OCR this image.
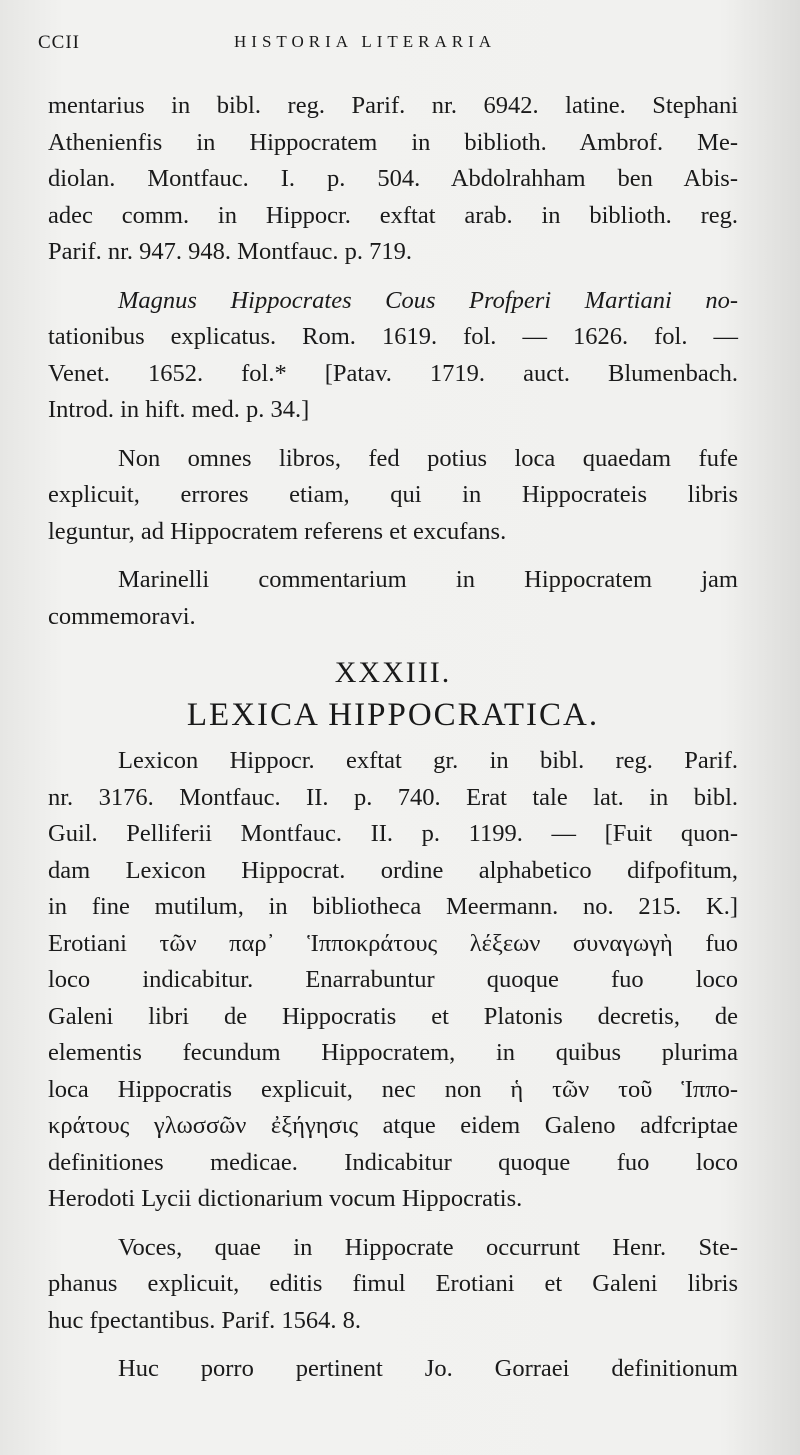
CCII	HISTORIA LITERARIA
mentarius in bibl. reg. Parif. nr. 6942. latine. Stephani
Athenienfis in Hippocratem in biblioth. Ambrof. Me-
diolan. Montfauc. I. p. 504. Abdolrahham ben Abis-
adec comm. in Hippocr. exftat arab. in biblioth. reg.
Parif. nr. 947. 948. Montfauc. p. 719.
Magnus Hippocrates Cous Profperi Martiani no-
tationibus explicatus. Rom. 1619. fol. — 1626. fol. —
Venet. 1652. fol.* [Patav. 1719. auct. Blumenbach.
Introd. in hift. med. p. 34.]
Non omnes libros, fed potius loca quaedam fufe
explicuit, errores etiam, qui in Hippocrateis libris
leguntur, ad Hippocratem referens et excufans.
Marinelli commentarium in Hippocratem jam
commemoravi.
XXXIII.
LEXICA HIPPOCRATICA.
Lexicon Hippocr. exftat gr. in bibl. reg. Parif.
nr. 3176. Montfauc. II. p. 740. Erat tale lat. in bibl.
Guil. Pelliferii Montfauc. II. p. 1199. — [Fuit quon-
dam Lexicon Hippocrat. ordine alphabetico difpofitum,
in fine mutilum, in bibliotheca Meermann. no. 215. K.]
Erotiani τῶν παρ᾽ Ἱπποκράτους λέξεων συναγωγὴ fuo
loco indicabitur. Enarrabuntur quoque fuo loco
Galeni libri de Hippocratis et Platonis decretis, de
elementis fecundum Hippocratem, in quibus plurima
loca Hippocratis explicuit, nec non ἡ τῶν τοῦ Ἱππο-
κράτους γλωσσῶν ἐξήγησις atque eidem Galeno adfcriptae
definitiones medicae. Indicabitur quoque fuo loco
Herodoti Lycii dictionarium vocum Hippocratis.
Voces, quae in Hippocrate occurrunt Henr. Ste-
phanus explicuit, editis fimul Erotiani et Galeni libris
huc fpectantibus. Parif. 1564. 8.
Huc porro pertinent Jo. Gorraei definitionum
